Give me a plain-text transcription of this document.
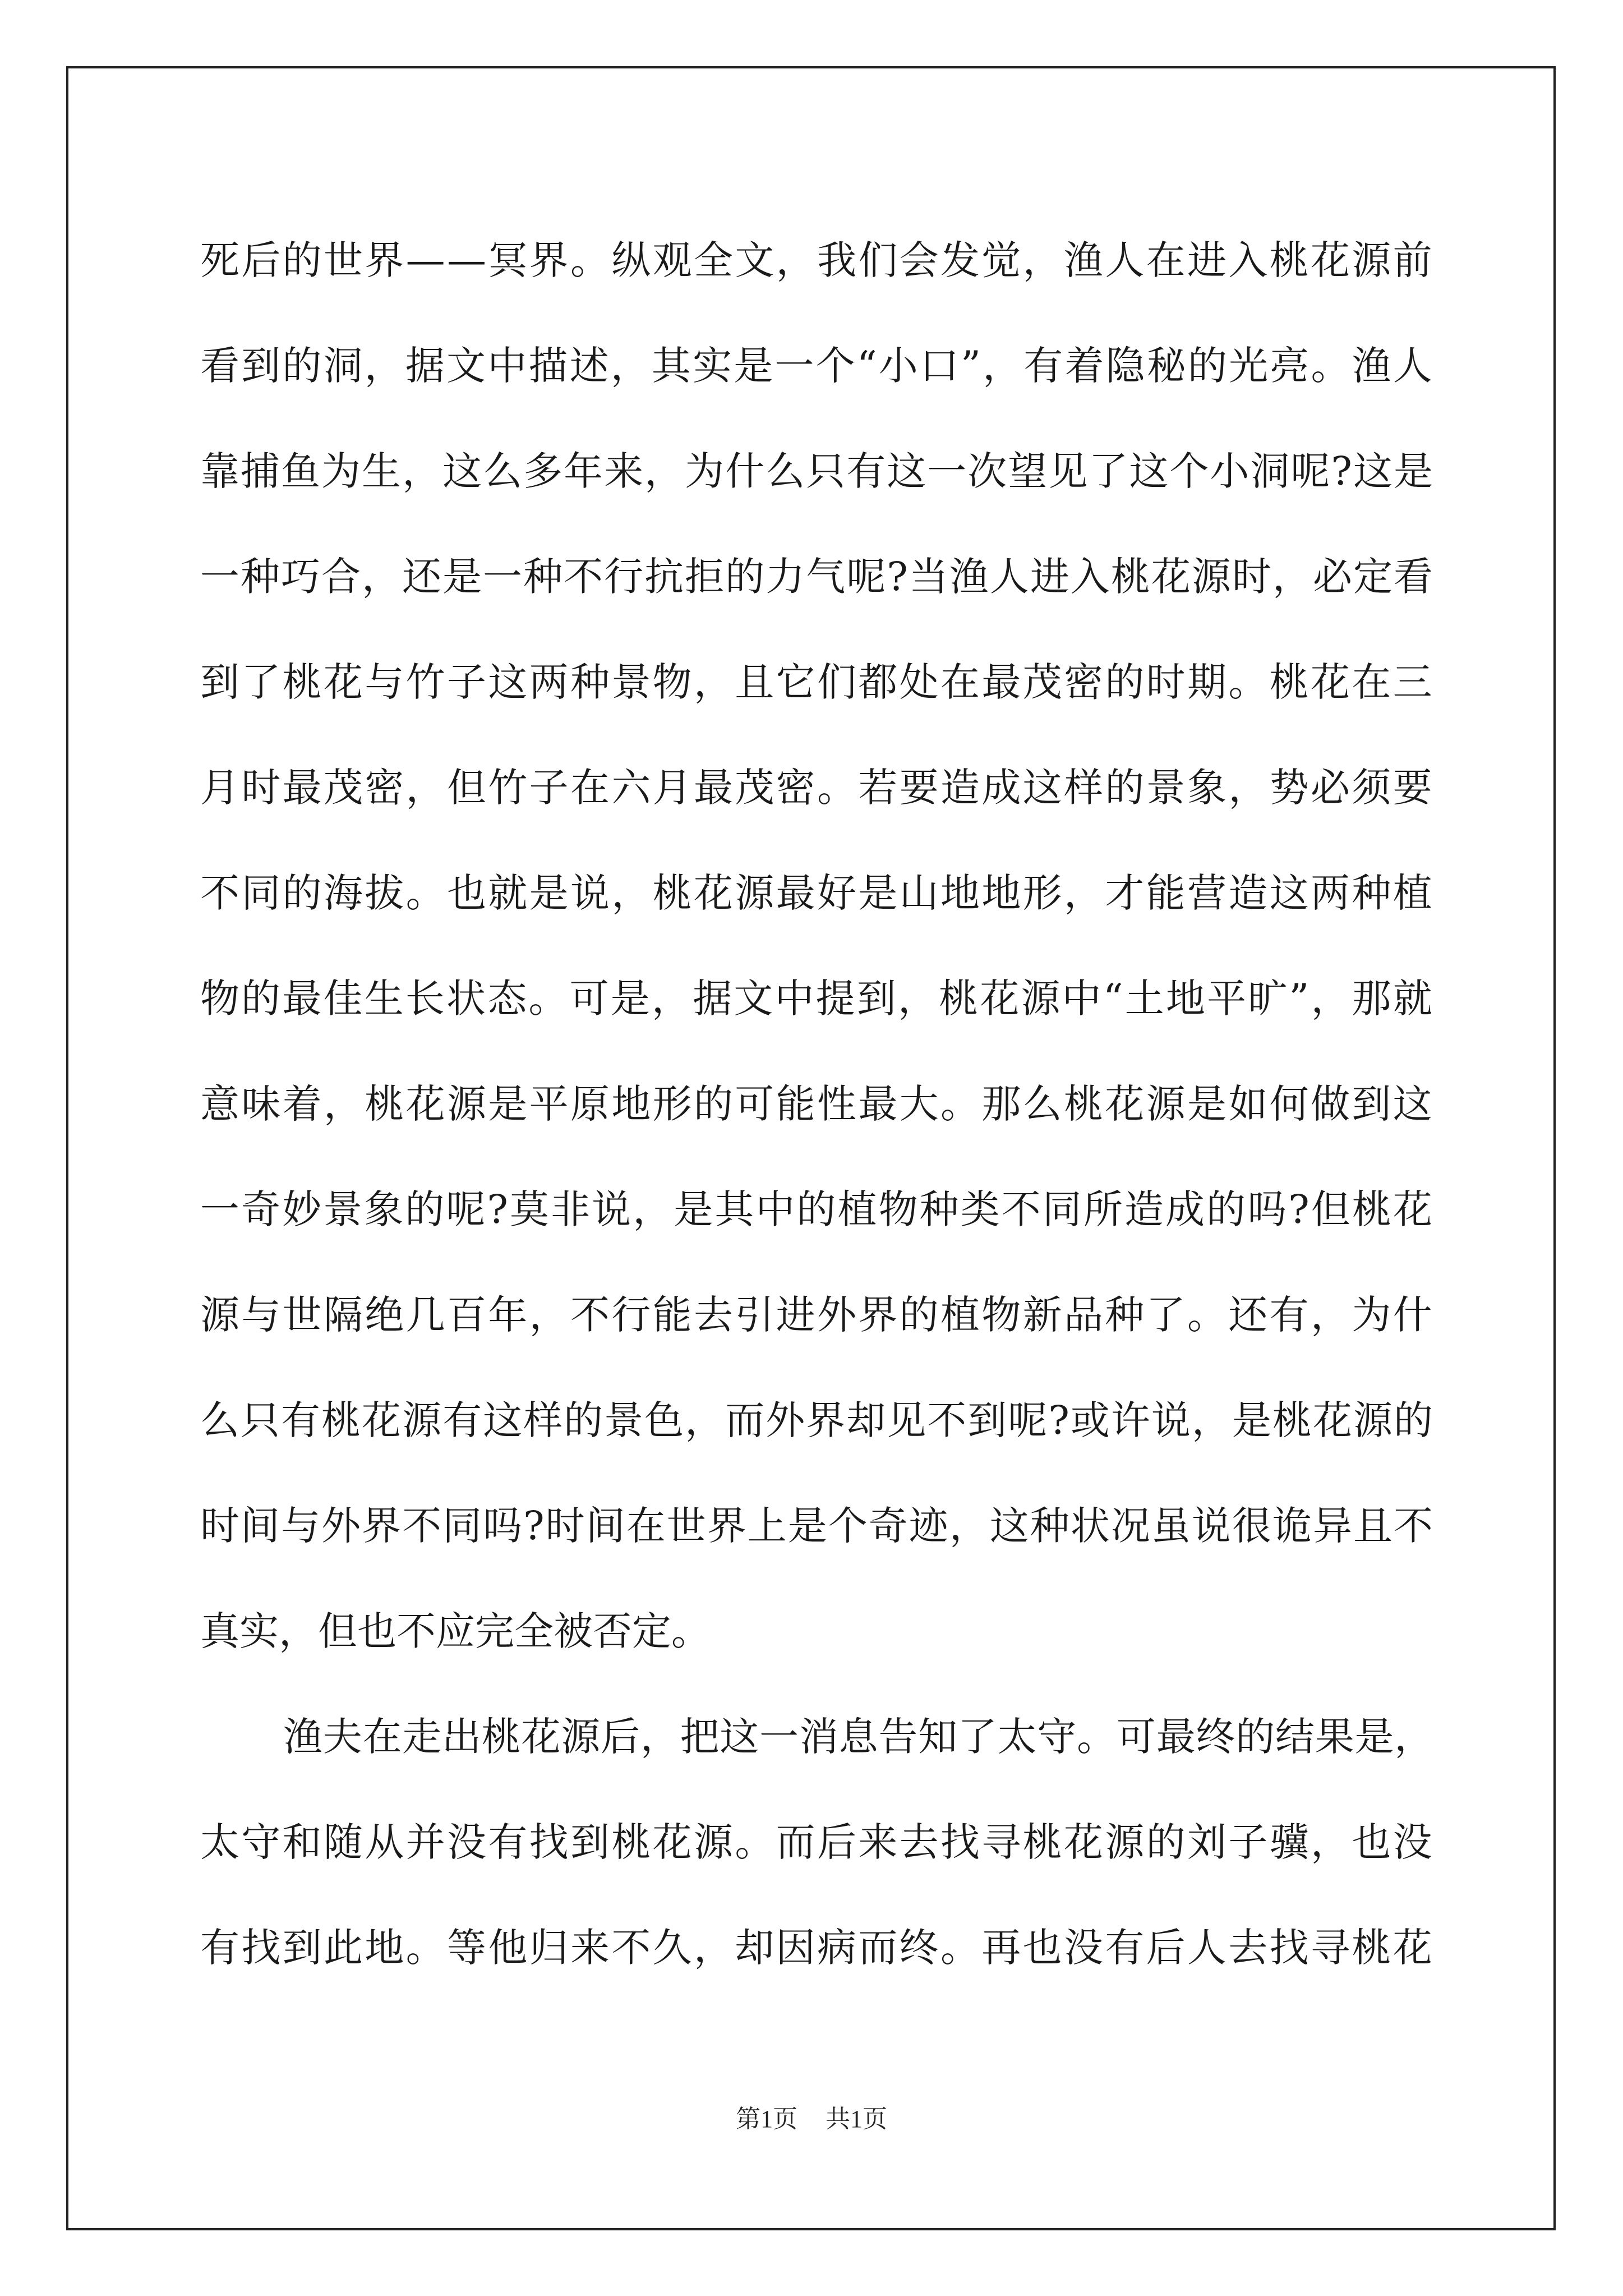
死后的世界——冥界。纵观全文，我们会发觉，渔人在进入桃花源前
看到的洞，据文中描述，其实是一个“小口”，有着隐秘的光亮。渔人
靠捕鱼为生，这么多年来，为什么只有这一次望见了这个小洞呢?这是
一种巧合，还是一种不行抗拒的力气呢?当渔人进入桃花源时，必定看
到了桃花与竹子这两种景物，且它们都处在最茂密的时期。桃花在三
月时最茂密，但竹子在六月最茂密。若要造成这样的景象，势必须要
不同的海拔。也就是说，桃花源最好是山地地形，才能营造这两种植
物的最佳生长状态。可是，据文中提到，桃花源中“土地平旷”，那就
意味着，桃花源是平原地形的可能性最大。那么桃花源是如何做到这
一奇妙景象的呢?莫非说，是其中的植物种类不同所造成的吗?但桃花
源与世隔绝几百年，不行能去引进外界的植物新品种了。还有，为什
么只有桃花源有这样的景色，而外界却见不到呢?或许说，是桃花源的
时间与外界不同吗?时间在世界上是个奇迹，这种状况虽说很诡异且不
真实，但也不应完全被否定。
渔夫在走出桃花源后，把这一消息告知了太守。可最终的结果是，
太守和随从并没有找到桃花源。而后来去找寻桃花源的刘子骥，也没
有找到此地。等他归来不久，却因病而终。再也没有后人去找寻桃花
第1页 共1页
